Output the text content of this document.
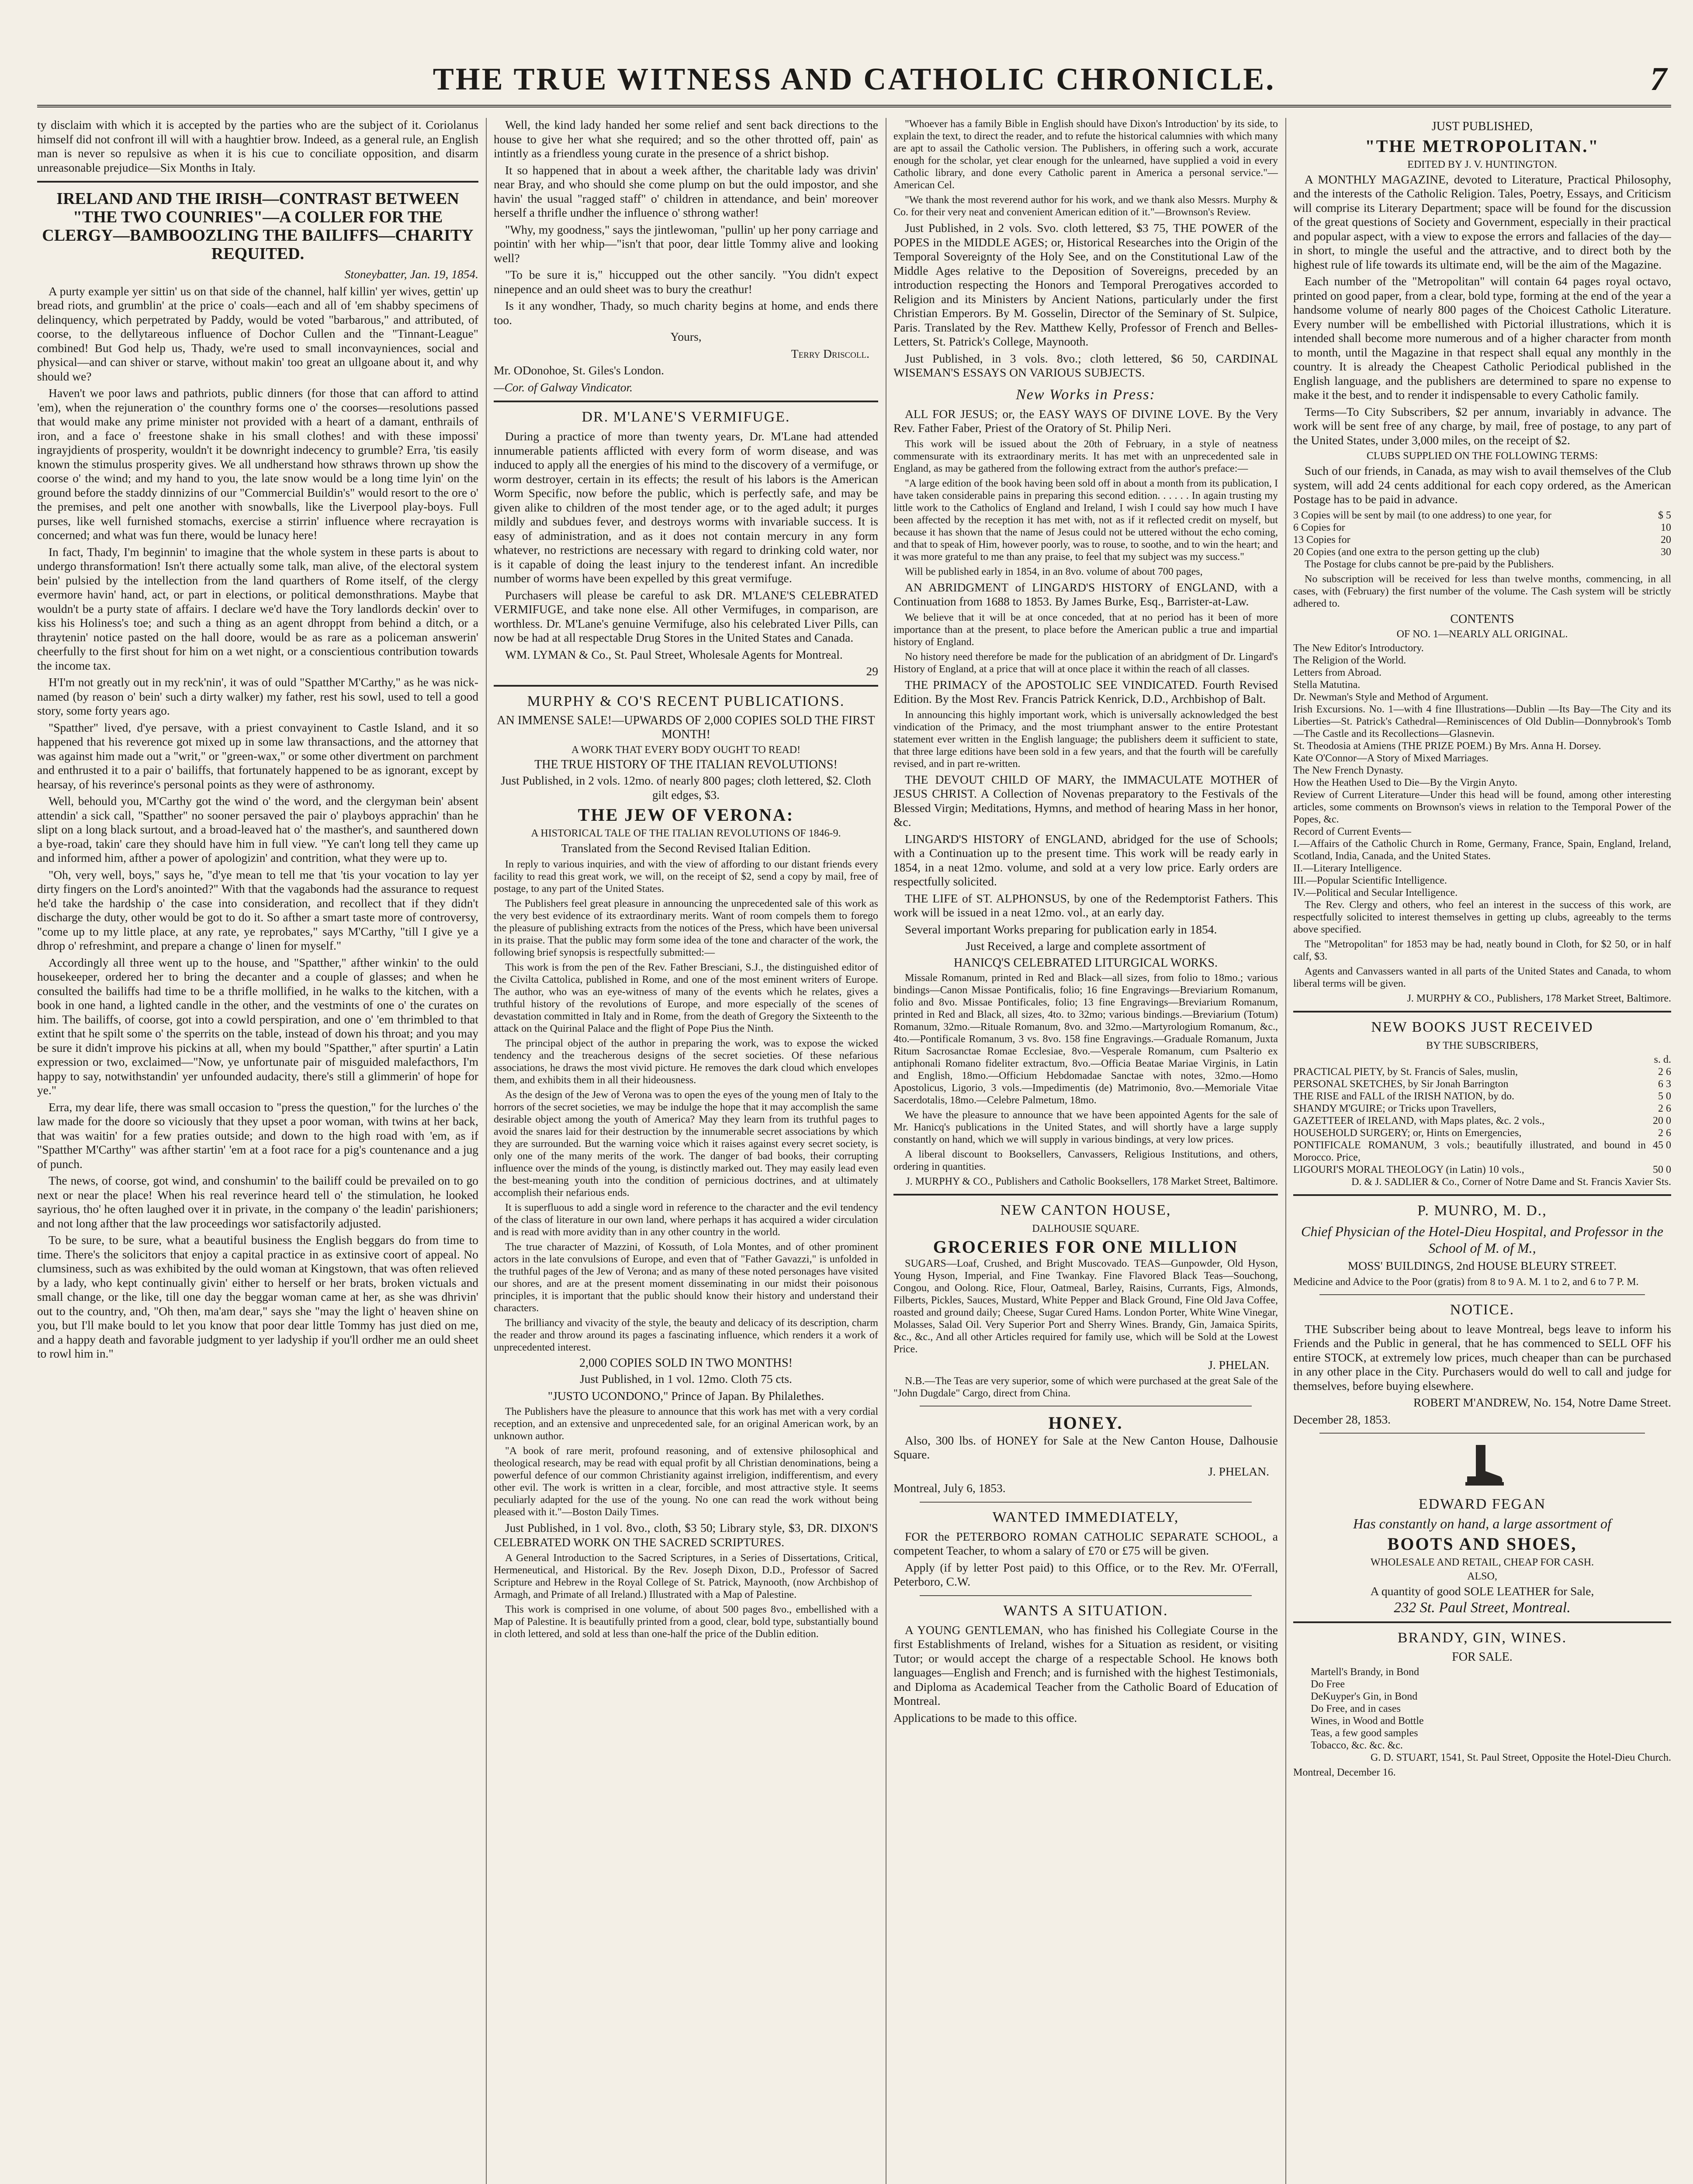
THE TRUE WITNESS AND CATHOLIC CHRONICLE.	7

ty disclaim with which it is accepted by the parties who are the subject of it. Coriolanus himself did not confront ill will with a haughtier brow. Indeed, as a general rule, an English man is never so repulsive as when it is his cue to conciliate opposition, and disarm unreasonable prejudice—Six Months in Italy.

IRELAND AND THE IRISH—CONTRAST BETWEEN "THE TWO COUNRIES"—A COLLER FOR THE CLERGY—BAMBOOZLING THE BAILIFFS—CHARITY REQUITED.

Stoneybatter, Jan. 19, 1854.

A purty example yer sittin' us on that side of the channel, half killin' yer wives, gettin' up bread riots, and grumblin' at the price o' coals—each and all of 'em shabby specimens of delinquency, which perpetrated by Paddy, would be voted "barbarous," and attributed, of coorse, to the dellytareous influence of Dochor Cullen and the "Tinnant-League" combined! But God help us, Thady, we're used to small inconvayniences, social and physical—and can shiver or starve, without makin' too great an ullgoane about it, and why should we?

Haven't we poor laws and pathriots, public dinners (for those that can afford to attind 'em), when the rejuneration o' the counthry forms one o' the coorses—resolutions passed that would make any prime minister not provided with a heart of a damant, enthrails of iron, and a face o' freestone shake in his small clothes! and with these impossi' ingrayjdients of prosperity, wouldn't it be downright indecency to grumble? Erra, 'tis easily known the stimulus prosperity gives. We all undherstand how sthraws thrown up show the coorse o' the wind; and my hand to you, the late snow would be a long time lyin' on the ground before the staddy dinnizins of our "Commercial Buildin's" would resort to the ore o' the premises, and pelt one another with snowballs, like the Liverpool play-boys. Full purses, like well furnished stomachs, exercise a stirrin' influence where recrayation is concerned; and what was fun there, would be lunacy here!

In fact, Thady, I'm beginnin' to imagine that the whole system in these parts is about to undergo thransformation! Isn't there actually some talk, man alive, of the electoral system bein' pulsied by the intellection from the land quarthers of Rome itself, of the clergy evermore havin' hand, act, or part in elections, or political demonsthrations. Maybe that wouldn't be a purty state of affairs. I declare we'd have the Tory landlords deckin' over to kiss his Holiness's toe; and such a thing as an agent dhroppt from behind a ditch, or a thraytenin' notice pasted on the hall doore, would be as rare as a policeman answerin' cheerfully to the first shout for him on a wet night, or a conscientious contribution towards the income tax.

H'I'm not greatly out in my reck'nin', it was of ould "Spatther M'Carthy," as he was nick-named (by reason o' bein' such a dirty walker) my father, rest his sowl, used to tell a good story, some forty years ago.

"Spatther" lived, d'ye persave, with a priest convayinent to Castle Island, and it so happened that his reverence got mixed up in some law thransactions, and the attorney that was against him made out a "writ," or "green-wax," or some other divertment on parchment and enthrusted it to a pair o' bailiffs, that fortunately happened to be as ignorant, except by hearsay, of his reverince's personal points as they were of asthronomy.

Well, behould you, M'Carthy got the wind o' the word, and the clergyman bein' absent attendin' a sick call, "Spatther" no sooner persaved the pair o' playboys apprachin' than he slipt on a long black surtout, and a broad-leaved hat o' the masther's, and saunthered down a bye-road, takin' care they should have him in full view. "Ye can't long tell they came up and informed him, afther a power of apologizin' and contrition, what they were up to.

"Oh, very well, boys," says he, "d'ye mean to tell me that 'tis your vocation to lay yer dirty fingers on the Lord's anointed?" With that the vagabonds had the assurance to request he'd take the hardship o' the case into consideration, and recollect that if they didn't discharge the duty, other would be got to do it. So afther a smart taste more of controversy, "come up to my little place, at any rate, ye reprobates," says M'Carthy, "till I give ye a dhrop o' refreshmint, and prepare a change o' linen for myself."

Accordingly all three went up to the house, and "Spatther," afther winkin' to the ould housekeeper, ordered her to bring the decanter and a couple of glasses; and when he consulted the bailiffs had time to be a thrifle mollified, in he walks to the kitchen, with a book in one hand, a lighted candle in the other, and the vestmints of one o' the curates on him. The bailiffs, of coorse, got into a cowld perspiration, and one o' 'em thrimbled to that extint that he spilt some o' the sperrits on the table, instead of down his throat; and you may be sure it didn't improve his pickins at all, when my bould "Spatther," after spurtin' a Latin expression or two, exclaimed—"Now, ye unfortunate pair of misguided malefacthors, I'm happy to say, notwithstandin' yer unfounded audacity, there's still a glimmerin' of hope for ye."

Erra, my dear life, there was small occasion to "press the question," for the lurches o' the law made for the doore so viciously that they upset a poor woman, with twins at her back, that was waitin' for a few praties outside; and down to the high road with 'em, as if "Spatther M'Carthy" was afther startin' 'em at a foot race for a pig's countenance and a jug of punch.

The news, of coorse, got wind, and conshumin' to the bailiff could be prevailed on to go next or near the place! When his real reverince heard tell o' the stimulation, he looked sayrious, tho' he often laughed over it in private, in the company o' the leadin' parishioners; and not long afther that the law proceedings wor satisfactorily adjusted.

To be sure, to be sure, what a beautiful business the English beggars do from time to time. There's the solicitors that enjoy a capital practice in as extinsive coort of appeal. No clumsiness, such as was exhibited by the ould woman at Kingstown, that was often relieved by a lady, who kept continually givin' either to herself or her brats, broken victuals and small change, or the like, till one day the beggar woman came at her, as she was dhrivin' out to the country, and, "Oh then, ma'am dear," says she "may the light o' heaven shine on you, but I'll make bould to let you know that poor dear little Tommy has just died on me, and a happy death and favorable judgment to yer ladyship if you'll ordher me an ould sheet to rowl him in."

Well, the kind lady handed her some relief and sent back directions to the house to give her what she required; and so the other throtted off, pain' as intintly as a friendless young curate in the presence of a shrict bishop.

It so happened that in about a week afther, the charitable lady was drivin' near Bray, and who should she come plump on but the ould impostor, and she havin' the usual "ragged staff" o' children in attendance, and bein' moreover herself a thrifle undher the influence o' sthrong wather!

"Why, my goodness," says the jintlewoman, "pullin' up her pony carriage and pointin' with her whip—"isn't that poor, dear little Tommy alive and looking well?

"To be sure it is," hiccupped out the other sancily. "You didn't expect ninepence and an ould sheet was to bury the creathur!

Is it any wondher, Thady, so much charity begins at home, and ends there too.

Yours,

Terry Driscoll.

Mr. ODonohoe, St. Giles's London.

—Cor. of Galway Vindicator.

DR. M'LANE'S VERMIFUGE.

During a practice of more than twenty years, Dr. M'Lane had attended innumerable patients afflicted with every form of worm disease, and was induced to apply all the energies of his mind to the discovery of a vermifuge, or worm destroyer, certain in its effects; the result of his labors is the American Worm Specific, now before the public, which is perfectly safe, and may be given alike to children of the most tender age, or to the aged adult; it purges mildly and subdues fever, and destroys worms with invariable success. It is easy of administration, and as it does not contain mercury in any form whatever, no restrictions are necessary with regard to drinking cold water, nor is it capable of doing the least injury to the tenderest infant. An incredible number of worms have been expelled by this great vermifuge.

Purchasers will please be careful to ask DR. M'LANE'S CELEBRATED VERMIFUGE, and take none else. All other Vermifuges, in comparison, are worthless. Dr. M'Lane's genuine Vermifuge, also his celebrated Liver Pills, can now be had at all respectable Drug Stores in the United States and Canada.

WM. LYMAN & Co., St. Paul Street, Wholesale Agents for Montreal.

29

MURPHY & CO'S RECENT PUBLICATIONS.
AN IMMENSE SALE!—UPWARDS OF 2,000 COPIES SOLD THE FIRST MONTH!
A WORK THAT EVERY BODY OUGHT TO READ!
THE TRUE HISTORY OF THE ITALIAN REVOLUTIONS!

Just Published, in 2 vols. 12mo. of nearly 800 pages; cloth lettered, $2. Cloth gilt edges, $3.

THE JEW OF VERONA:
A HISTORICAL TALE OF THE ITALIAN REVOLUTIONS OF 1846-9.

Translated from the Second Revised Italian Edition.

In reply to various inquiries, and with the view of affording to our distant friends every facility to read this great work, we will, on the receipt of $2, send a copy by mail, free of postage, to any part of the United States.

The Publishers feel great pleasure in announcing the unprecedented sale of this work as the very best evidence of its extraordinary merits. Want of room compels them to forego the pleasure of publishing extracts from the notices of the Press, which have been universal in its praise. That the public may form some idea of the tone and character of the work, the following brief synopsis is respectfully submitted:—

This work is from the pen of the Rev. Father Bresciani, S.J., the distinguished editor of the Civilta Cattolica, published in Rome, and one of the most eminent writers of Europe. The author, who was an eye-witness of many of the events which he relates, gives a truthful history of the revolutions of Europe, and more especially of the scenes of devastation committed in Italy and in Rome, from the death of Gregory the Sixteenth to the attack on the Quirinal Palace and the flight of Pope Pius the Ninth.

The principal object of the author in preparing the work, was to expose the wicked tendency and the treacherous designs of the secret societies. Of these nefarious associations, he draws the most vivid picture. He removes the dark cloud which envelopes them, and exhibits them in all their hideousness.

As the design of the Jew of Verona was to open the eyes of the young men of Italy to the horrors of the secret societies, we may be indulge the hope that it may accomplish the same desirable object among the youth of America? May they learn from its truthful pages to avoid the snares laid for their destruction by the innumerable secret associations by which they are surrounded. But the warning voice which it raises against every secret society, is only one of the many merits of the work. The danger of bad books, their corrupting influence over the minds of the young, is distinctly marked out. They may easily lead even the best-meaning youth into the condition of pernicious doctrines, and at ultimately accomplish their nefarious ends.

It is superfluous to add a single word in reference to the character and the evil tendency of the class of literature in our own land, where perhaps it has acquired a wider circulation and is read with more avidity than in any other country in the world.

The true character of Mazzini, of Kossuth, of Lola Montes, and of other prominent actors in the late convulsions of Europe, and even that of "Father Gavazzi," is unfolded in the truthful pages of the Jew of Verona; and as many of these noted personages have visited our shores, and are at the present moment disseminating in our midst their poisonous principles, it is important that the public should know their history and understand their characters.

The brilliancy and vivacity of the style, the beauty and delicacy of its description, charm the reader and throw around its pages a fascinating influence, which renders it a work of unprecedented interest.

2,000 COPIES SOLD IN TWO MONTHS!

Just Published, in 1 vol. 12mo. Cloth 75 cts.

"JUSTO UCONDONO," Prince of Japan. By Philalethes.

The Publishers have the pleasure to announce that this work has met with a very cordial reception, and an extensive and unprecedented sale, for an original American work, by an unknown author.

"A book of rare merit, profound reasoning, and of extensive philosophical and theological research, may be read with equal profit by all Christian denominations, being a powerful defence of our common Christianity against irreligion, indifferentism, and every other evil. The work is written in a clear, forcible, and most attractive style. It seems peculiarly adapted for the use of the young. No one can read the work without being pleased with it."—Boston Daily Times.

Just Published, in 1 vol. 8vo., cloth, $3 50; Library style, $3, DR. DIXON'S CELEBRATED WORK ON THE SACRED SCRIPTURES.

A General Introduction to the Sacred Scriptures, in a Series of Dissertations, Critical, Hermeneutical, and Historical. By the Rev. Joseph Dixon, D.D., Professor of Sacred Scripture and Hebrew in the Royal College of St. Patrick, Maynooth, (now Archbishop of Armagh, and Primate of all Ireland.) Illustrated with a Map of Palestine.

This work is comprised in one volume, of about 500 pages 8vo., embellished with a Map of Palestine. It is beautifully printed from a good, clear, bold type, substantially bound in cloth lettered, and sold at less than one-half the price of the Dublin edition.

"Whoever has a family Bible in English should have Dixon's Introduction' by its side, to explain the text, to direct the reader, and to refute the historical calumnies with which many are apt to assail the Catholic version. The Publishers, in offering such a work, accurate enough for the scholar, yet clear enough for the unlearned, have supplied a void in every Catholic library, and done every Catholic parent in America a personal service."—American Cel.

"We thank the most reverend author for his work, and we thank also Messrs. Murphy & Co. for their very neat and convenient American edition of it."—Brownson's Review.

Just Published, in 2 vols. Svo. cloth lettered, $3 75, THE POWER of the POPES in the MIDDLE AGES; or, Historical Researches into the Origin of the Temporal Sovereignty of the Holy See, and on the Constitutional Law of the Middle Ages relative to the Deposition of Sovereigns, preceded by an introduction respecting the Honors and Temporal Prerogatives accorded to Religion and its Ministers by Ancient Nations, particularly under the first Christian Emperors. By M. Gosselin, Director of the Seminary of St. Sulpice, Paris. Translated by the Rev. Matthew Kelly, Professor of French and Belles-Letters, St. Patrick's College, Maynooth.

Just Published, in 3 vols. 8vo.; cloth lettered, $6 50, CARDINAL WISEMAN'S ESSAYS ON VARIOUS SUBJECTS.

New Works in Press:

ALL FOR JESUS; or, the EASY WAYS OF DIVINE LOVE. By the Very Rev. Father Faber, Priest of the Oratory of St. Philip Neri.

This work will be issued about the 20th of February, in a style of neatness commensurate with its extraordinary merits. It has met with an unprecedented sale in England, as may be gathered from the following extract from the author's preface:—

"A large edition of the book having been sold off in about a month from its publication, I have taken considerable pains in preparing this second edition. . . . . . In again trusting my little work to the Catholics of England and Ireland, I wish I could say how much I have been affected by the reception it has met with, not as if it reflected credit on myself, but because it has shown that the name of Jesus could not be uttered without the echo coming, and that to speak of Him, however poorly, was to rouse, to soothe, and to win the heart; and it was more grateful to me than any praise, to feel that my subject was my success."

Will be published early in 1854, in an 8vo. volume of about 700 pages,

AN ABRIDGMENT of LINGARD'S HISTORY of ENGLAND, with a Continuation from 1688 to 1853. By James Burke, Esq., Barrister-at-Law.

We believe that it will be at once conceded, that at no period has it been of more importance than at the present, to place before the American public a true and impartial history of England.

No history need therefore be made for the publication of an abridgment of Dr. Lingard's History of England, at a price that will at once place it within the reach of all classes.

THE PRIMACY of the APOSTOLIC SEE VINDICATED. Fourth Revised Edition. By the Most Rev. Francis Patrick Kenrick, D.D., Archbishop of Balt.

In announcing this highly important work, which is universally acknowledged the best vindication of the Primacy, and the most triumphant answer to the entire Protestant statement ever written in the English language; the publishers deem it sufficient to state, that three large editions have been sold in a few years, and that the fourth will be carefully revised, and in part re-written.

THE DEVOUT CHILD OF MARY, the IMMACULATE MOTHER of JESUS CHRIST. A Collection of Novenas preparatory to the Festivals of the Blessed Virgin; Meditations, Hymns, and method of hearing Mass in her honor, &c.

LINGARD'S HISTORY of ENGLAND, abridged for the use of Schools; with a Continuation up to the present time. This work will be ready early in 1854, in a neat 12mo. volume, and sold at a very low price. Early orders are respectfully solicited.

THE LIFE of ST. ALPHONSUS, by one of the Redemptorist Fathers. This work will be issued in a neat 12mo. vol., at an early day.

Several important Works preparing for publication early in 1854.

Just Received, a large and complete assortment of

HANICQ'S CELEBRATED LITURGICAL WORKS.

Missale Romanum, printed in Red and Black—all sizes, from folio to 18mo.; various bindings—Canon Missae Pontificalis, folio; 16 fine Engravings—Breviarium Romanum, folio and 8vo. Missae Pontificales, folio; 13 fine Engravings—Breviarium Romanum, printed in Red and Black, all sizes, 4to. to 32mo; various bindings.—Breviarium (Totum) Romanum, 32mo.—Rituale Romanum, 8vo. and 32mo.—Martyrologium Romanum, &c., 4to.—Pontificale Romanum, 3 vs. 8vo. 158 fine Engravings.—Graduale Romanum, Juxta Ritum Sacrosanctae Romae Ecclesiae, 8vo.—Vesperale Romanum, cum Psalterio ex antiphonali Romano fideliter extractum, 8vo.—Officia Beatae Mariae Virginis, in Latin and English, 18mo.—Officium Hebdomadae Sanctae with notes, 32mo.—Homo Apostolicus, Ligorio, 3 vols.—Impedimentis (de) Matrimonio, 8vo.—Memoriale Vitae Sacerdotalis, 18mo.—Celebre Palmetum, 18mo.

We have the pleasure to announce that we have been appointed Agents for the sale of Mr. Hanicq's publications in the United States, and will shortly have a large supply constantly on hand, which we will supply in various bindings, at very low prices.

A liberal discount to Booksellers, Canvassers, Religious Institutions, and others, ordering in quantities.

J. MURPHY & CO., Publishers and Catholic Booksellers, 178 Market Street, Baltimore.

NEW CANTON HOUSE,
DALHOUSIE SQUARE.
GROCERIES FOR ONE MILLION

SUGARS—Loaf, Crushed, and Bright Muscovado. TEAS—Gunpowder, Old Hyson, Young Hyson, Imperial, and Fine Twankay. Fine Flavored Black Teas—Souchong, Congou, and Oolong. Rice, Flour, Oatmeal, Barley, Raisins, Currants, Figs, Almonds, Filberts, Pickles, Sauces, Mustard, White Pepper and Black Ground, Fine Old Java Coffee, roasted and ground daily; Cheese, Sugar Cured Hams. London Porter, White Wine Vinegar, Molasses, Salad Oil. Very Superior Port and Sherry Wines. Brandy, Gin, Jamaica Spirits, &c., &c., And all other Articles required for family use, which will be Sold at the Lowest Price.

J. PHELAN.

N.B.—The Teas are very superior, some of which were purchased at the great Sale of the "John Dugdale" Cargo, direct from China.

HONEY.

Also, 300 lbs. of HONEY for Sale at the New Canton House, Dalhousie Square.

J. PHELAN.

Montreal, July 6, 1853.

WANTED IMMEDIATELY,

FOR the PETERBORO ROMAN CATHOLIC SEPARATE SCHOOL, a competent Teacher, to whom a salary of £70 or £75 will be given.

Apply (if by letter Post paid) to this Office, or to the Rev. Mr. O'Ferrall, Peterboro, C.W.

WANTS A SITUATION.

A YOUNG GENTLEMAN, who has finished his Collegiate Course in the first Establishments of Ireland, wishes for a Situation as resident, or visiting Tutor; or would accept the charge of a respectable School. He knows both languages—English and French; and is furnished with the highest Testimonials, and Diploma as Academical Teacher from the Catholic Board of Education of Montreal.

Applications to be made to this office.

JUST PUBLISHED,
"THE METROPOLITAN."
EDITED BY J. V. HUNTINGTON.

A MONTHLY MAGAZINE, devoted to Literature, Practical Philosophy, and the interests of the Catholic Religion. Tales, Poetry, Essays, and Criticism will comprise its Literary Department; space will be found for the discussion of the great questions of Society and Government, especially in their practical and popular aspect, with a view to expose the errors and fallacies of the day—in short, to mingle the useful and the attractive, and to direct both by the highest rule of life towards its ultimate end, will be the aim of the Magazine.

Each number of the "Metropolitan" will contain 64 pages royal octavo, printed on good paper, from a clear, bold type, forming at the end of the year a handsome volume of nearly 800 pages of the Choicest Catholic Literature. Every number will be embellished with Pictorial illustrations, which it is intended shall become more numerous and of a higher character from month to month, until the Magazine in that respect shall equal any monthly in the country. It is already the Cheapest Catholic Periodical published in the English language, and the publishers are determined to spare no expense to make it the best, and to render it indispensable to every Catholic family.

Terms—To City Subscribers, $2 per annum, invariably in advance. The work will be sent free of any charge, by mail, free of postage, to any part of the United States, under 3,000 miles, on the receipt of $2.

CLUBS SUPPLIED ON THE FOLLOWING TERMS:

Such of our friends, in Canada, as may wish to avail themselves of the Club system, will add 24 cents additional for each copy ordered, as the American Postage has to be paid in advance.

3 Copies will be sent by mail (to one address) to one year, for	$ 5
6 Copies for	10
13 Copies for	20
20 Copies (and one extra to the person getting up the club)	30

The Postage for clubs cannot be pre-paid by the Publishers.

No subscription will be received for less than twelve months, commencing, in all cases, with (February) the first number of the volume. The Cash system will be strictly adhered to.

CONTENTS
OF NO. 1—NEARLY ALL ORIGINAL.
The New Editor's Introductory.
The Religion of the World.
Letters from Abroad.
Stella Matutina.
Dr. Newman's Style and Method of Argument.
Irish Excursions. No. 1—with 4 fine Illustrations—Dublin —Its Bay—The City and its Liberties—St. Patrick's Cathedral—Reminiscences of Old Dublin—Donnybrook's Tomb —The Castle and its Recollections—Glasnevin.
St. Theodosia at Amiens (THE PRIZE POEM.) By Mrs. Anna H. Dorsey.
Kate O'Connor—A Story of Mixed Marriages.
The New French Dynasty.
How the Heathen Used to Die—By the Virgin Anyto.
Review of Current Literature—Under this head will be found, among other interesting articles, some comments on Brownson's views in relation to the Temporal Power of the Popes, &c.
Record of Current Events—
I.—Affairs of the Catholic Church in Rome, Germany, France, Spain, England, Ireland, Scotland, India, Canada, and the United States.
II.—Literary Intelligence.
III.—Popular Scientific Intelligence.
IV.—Political and Secular Intelligence.

The Rev. Clergy and others, who feel an interest in the success of this work, are respectfully solicited to interest themselves in getting up clubs, agreeably to the terms above specified.

The "Metropolitan" for 1853 may be had, neatly bound in Cloth, for $2 50, or in half calf, $3.

Agents and Canvassers wanted in all parts of the United States and Canada, to whom liberal terms will be given.

J. MURPHY & CO., Publishers, 178 Market Street, Baltimore.

NEW BOOKS JUST RECEIVED
BY THE SUBSCRIBERS,
s. d.
PRACTICAL PIETY, by St. Francis of Sales, muslin,	2 6
PERSONAL SKETCHES, by Sir Jonah Barrington	6 3
THE RISE and FALL of the IRISH NATION, by do.	5 0
SHANDY M'GUIRE; or Tricks upon Travellers,	2 6
GAZETTEER of IRELAND, with Maps plates, &c. 2 vols.,	20 0
HOUSEHOLD SURGERY; or, Hints on Emergencies,	2 6
PONTIFICALE ROMANUM, 3 vols.; beautifully illustrated, and bound in Morocco. Price,
45 0
LIGOURI'S MORAL THEOLOGY (in Latin) 10 vols.,	50 0

D. & J. SADLIER & Co., Corner of Notre Dame and St. Francis Xavier Sts.

P. MUNRO, M. D.,

Chief Physician of the Hotel-Dieu Hospital, and Professor in the School of M. of M.,

MOSS' BUILDINGS, 2nd HOUSE BLEURY STREET.

Medicine and Advice to the Poor (gratis) from 8 to 9 A. M. 1 to 2, and 6 to 7 P. M.

NOTICE.

THE Subscriber being about to leave Montreal, begs leave to inform his Friends and the Public in general, that he has commenced to SELL OFF his entire STOCK, at extremely low prices, much cheaper than can be purchased in any other place in the City. Purchasers would do well to call and judge for themselves, before buying elsewhere.

ROBERT M'ANDREW, No. 154, Notre Dame Street.

December 28, 1853.

EDWARD FEGAN

Has constantly on hand, a large assortment of

BOOTS AND SHOES,
WHOLESALE AND RETAIL, CHEAP FOR CASH.
ALSO,

A quantity of good SOLE LEATHER for Sale,

232 St. Paul Street, Montreal.

BRANDY, GIN, WINES.
FOR SALE.
Martell's Brandy, in Bond
Do Free
DeKuyper's Gin, in Bond
Do Free, and in cases
Wines, in Wood and Bottle
Teas, a few good samples
Tobacco, &c. &c. &c.

G. D. STUART, 1541, St. Paul Street, Opposite the Hotel-Dieu Church.

Montreal, December 16.
